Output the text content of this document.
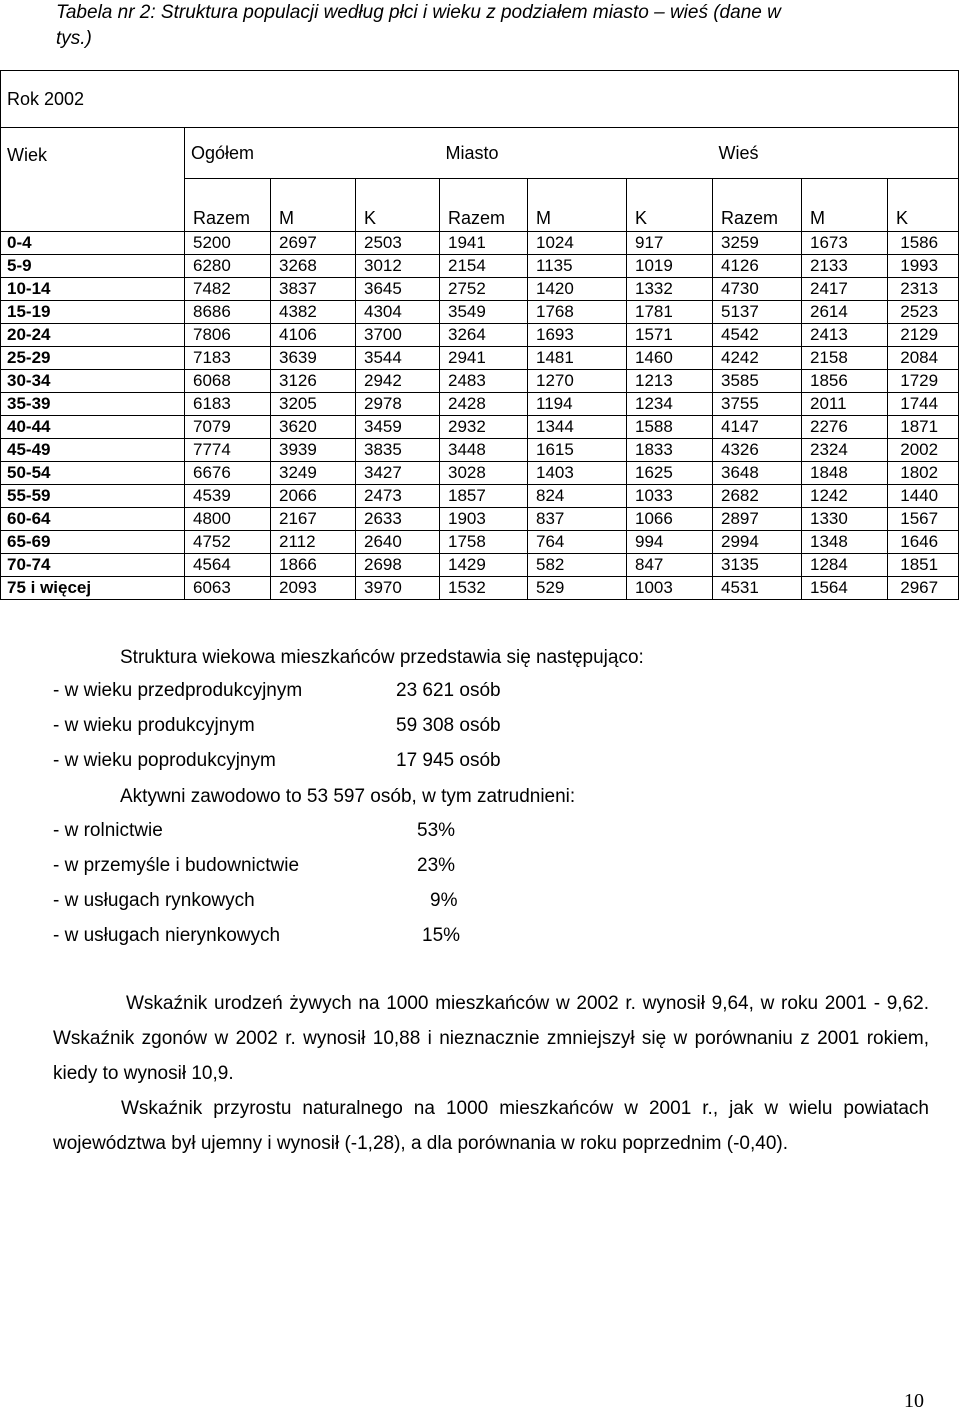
Tabela nr 2: Struktura populacji według płci i wieku z podziałem miasto – wieś (dane w

tys.)
Rok 2002									

Wiek	Ogółem			Miasto			Wieś		
	Razem	M	K	Razem	M	K	Razem	M	K
0-4	5200	2697	2503	1941	1024	917	3259	1673	1586
5-9	6280	3268	3012	2154	1135	1019	4126	2133	1993
10-14	7482	3837	3645	2752	1420	1332	4730	2417	2313
15-19	8686	4382	4304	3549	1768	1781	5137	2614	2523
20-24	7806	4106	3700	3264	1693	1571	4542	2413	2129
25-29	7183	3639	3544	2941	1481	1460	4242	2158	2084
30-34	6068	3126	2942	2483	1270	1213	3585	1856	1729
35-39	6183	3205	2978	2428	1194	1234	3755	2011	1744
40-44	7079	3620	3459	2932	1344	1588	4147	2276	1871
45-49	7774	3939	3835	3448	1615	1833	4326	2324	2002
50-54	6676	3249	3427	3028	1403	1625	3648	1848	1802
55-59	4539	2066	2473	1857	824	1033	2682	1242	1440
60-64	4800	2167	2633	1903	837	1066	2897	1330	1567
65-69	4752	2112	2640	1758	764	994	2994	1348	1646
70-74	4564	1866	2698	1429	582	847	3135	1284	1851
75 i więcej	6063	2093	3970	1532	529	1003	4531	1564	2967
Struktura wiekowa mieszkańców przedstawia się następująco:
- w wieku przedprodukcyjnym	23 621 osób
- w wieku produkcyjnym	59 308 osób
- w wieku poprodukcyjnym	17 945 osób
Aktywni zawodowo to 53 597 osób, w tym zatrudnieni:
- w rolnictwie	53%
- w przemyśle i budownictwie	23%
- w usługach rynkowych	9%
- w usługach nierynkowych	15%
Wskaźnik urodzeń żywych na 1000 mieszkańców w 2002 r. wynosił 9,64, w roku 2001 - 9,62. Wskaźnik zgonów w 2002 r. wynosił 10,88 i nieznacznie zmniejszył się w porównaniu z 2001 rokiem, kiedy to wynosił 10,9.
Wskaźnik przyrostu naturalnego na 1000 mieszkańców w 2001 r., jak w wielu powiatach województwa był ujemny i wynosił (-1,28), a dla porównania w roku poprzednim (-0,40).
10
